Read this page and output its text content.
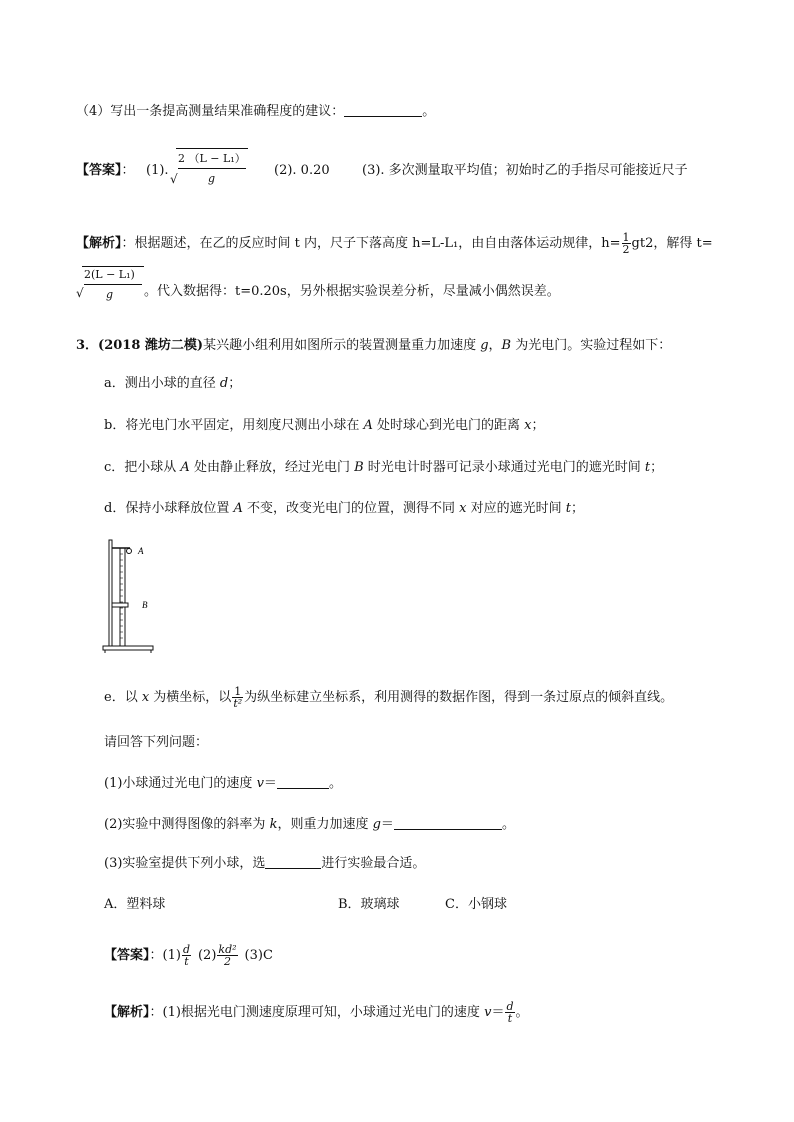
（4）写出一条提高测量结果准确程度的建议：	。
【答案】： (1).
√
2 （L − L₁）
g
(2). 0.20 (3). 多次测量取平均值；初始时乙的手指尽可能接近尺子
【解析】：根据题述，在乙的反应时间 t 内，尺子下落高度 h=L-L₁，由自由落体运动规律，$h= \frac{1}{2} gt2$，解得 t=
√
2(L − L₁)
g 。代入数据得：t=0.20s，另外根据实验误差分析，尽量减小偶然误差。
3．(2018 潍坊二模)某兴趣小组利用如图所示的装置测量重力加速度 g，B 为光电门。实验过程如下：
a．测出小球的直径 d；
b．将光电门水平固定，用刻度尺测出小球在 A 处时球心到光电门的距离 x；
c．把小球从 A 处由静止释放，经过光电门 B 时光电计时器可记录小球通过光电门的遮光时间 t；
d．保持小球释放位置 A 不变，改变光电门的位置，测得不同 x 对应的遮光时间 t；
A
B
e．以 x 为横坐标，以 $\frac{1}{\text{t²}}$ 为纵坐标建立坐标系，利用测得的数据作图，得到一条过原点的倾斜直线。
请回答下列问题：
(1)小球通过光电门的速度 v＝	。
(2)实验中测得图像的斜率为 k，则重力加速度 g＝	。
(3)实验室提供下列小球，选	进行实验最合适。
A．塑料球	B．玻璃球	C．小钢球
【答案】：$(1) \frac{d}{t} (2) \frac{\text{kd²}}{2} (3)C$
【解析】：(1)根据光电门测速度原理可知，小球通过光电门的速度 $v= \frac{d}{t}$ 。
